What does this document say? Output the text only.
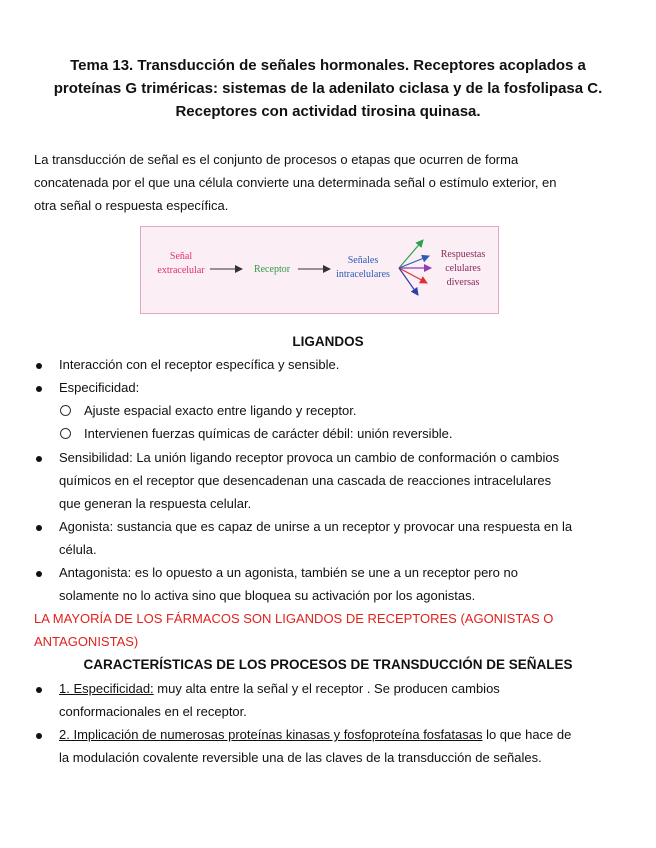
Tema 13. Transducción de señales hormonales. Receptores acoplados a
proteínas G triméricas: sistemas de la adenilato ciclasa y de la fosfolipasa C.
Receptores con actividad tirosina quinasa.
La transducción de señal es el conjunto de procesos o etapas que ocurren de forma
concatenada por el que una célula convierte una determinada señal o estímulo exterior, en
otra señal o respuesta específica.
Señal
extracelular	Receptor
Señales
intracelulares
Respuestas
celulares
diversas
LIGANDOS
Interacción con el receptor específica y sensible.
Especificidad:
Ajuste espacial exacto entre ligando y receptor.
Intervienen fuerzas químicas de carácter débil: unión reversible.
Sensibilidad: La unión ligando receptor provoca un cambio de conformación o cambios
químicos en el receptor que desencadenan una cascada de reacciones intracelulares
que generan la respuesta celular.
Agonista: sustancia que es capaz de unirse a un receptor y provocar una respuesta en la
célula.
Antagonista: es lo opuesto a un agonista, también se une a un receptor pero no
solamente no lo activa sino que bloquea su activación por los agonistas.
LA MAYORÍA DE LOS FÁRMACOS SON LIGANDOS DE RECEPTORES (AGONISTAS O
ANTAGONISTAS)
CARACTERÍSTICAS DE LOS PROCESOS DE TRANSDUCCIÓN DE SEÑALES
1. Especificidad: muy alta entre la señal y el receptor . Se producen cambios
conformacionales en el receptor.
2. Implicación de numerosas proteínas kinasas y fosfoproteína fosfatasas lo que hace de
la modulación covalente reversible una de las claves de la transducción de señales.
